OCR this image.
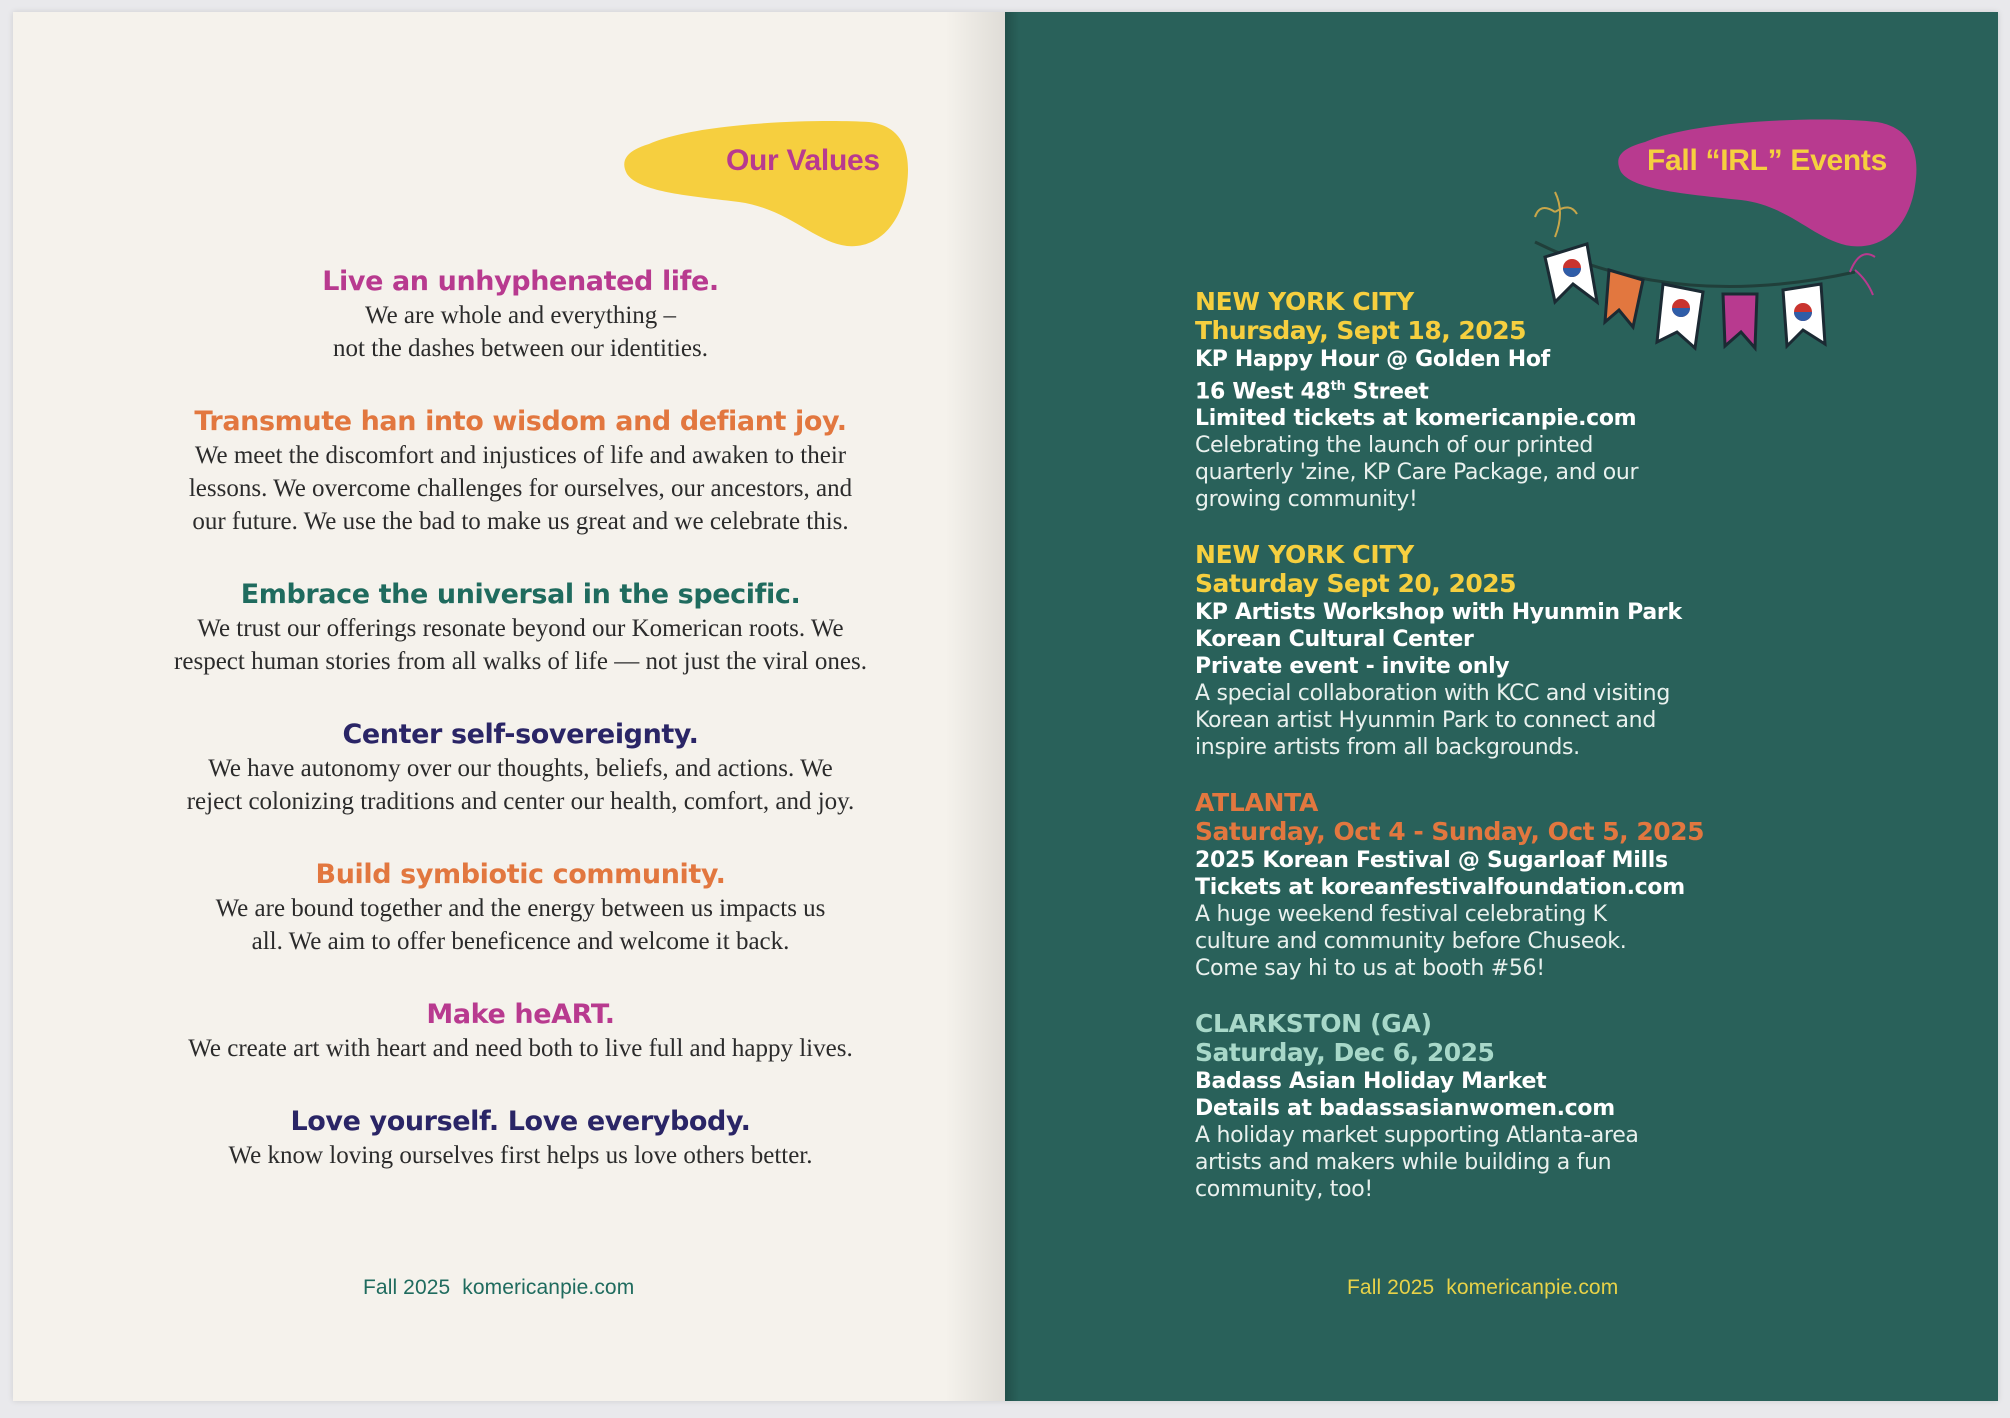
Our Values
Live an unhyphenated life.
We are whole and everything –
not the dashes between our identities.
Transmute han into wisdom and defiant joy.
We meet the discomfort and injustices of life and awaken to their
lessons. We overcome challenges for ourselves, our ancestors, and
our future. We use the bad to make us great and we celebrate this.
Embrace the universal in the specific.
We trust our offerings resonate beyond our Komerican roots. We
respect human stories from all walks of life — not just the viral ones.
Center self-sovereignty.
We have autonomy over our thoughts, beliefs, and actions. We
reject colonizing traditions and center our health, comfort, and joy.
Build symbiotic community.
We are bound together and the energy between us impacts us
all. We aim to offer beneficence and welcome it back.
Make heART.
We create art with heart and need both to live full and happy lives.
Love yourself. Love everybody.
We know loving ourselves first helps us love others better.
Fall 2025 komericanpie.com
Fall “IRL” Events
NEW YORK CITY
Thursday, Sept 18, 2025
KP Happy Hour @ Golden Hof
16 West 48th Street
Limited tickets at komericanpie.com
Celebrating the launch of our printed
quarterly 'zine, KP Care Package, and our
growing community!
NEW YORK CITY
Saturday Sept 20, 2025
KP Artists Workshop with Hyunmin Park
Korean Cultural Center
Private event - invite only
A special collaboration with KCC and visiting
Korean artist Hyunmin Park to connect and
inspire artists from all backgrounds.
ATLANTA
Saturday, Oct 4 - Sunday, Oct 5, 2025
2025 Korean Festival @ Sugarloaf Mills
Tickets at koreanfestivalfoundation.com
A huge weekend festival celebrating K
culture and community before Chuseok.
Come say hi to us at booth #56!
CLARKSTON (GA)
Saturday, Dec 6, 2025
Badass Asian Holiday Market
Details at badassasianwomen.com
A holiday market supporting Atlanta-area
artists and makers while building a fun
community, too!
Fall 2025 komericanpie.com
